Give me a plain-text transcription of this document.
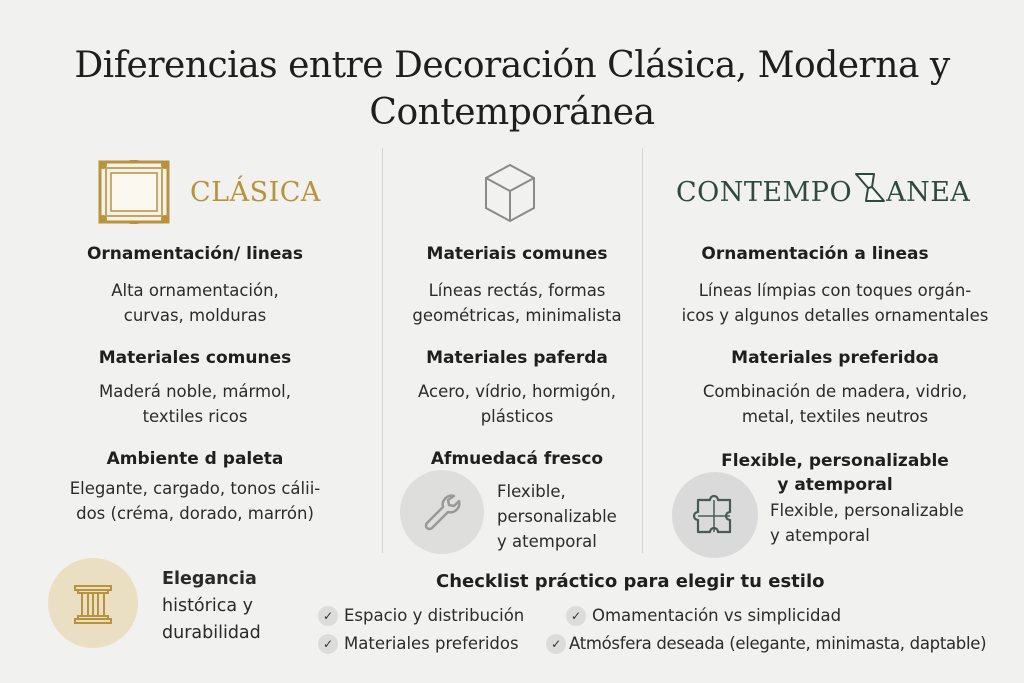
Diferencias entre Decoración Clásica, Moderna y
Contemporánea
CLÁSICA
Ornamentación/ lineas
Alta ornamentación,
curvas, molduras
Materiales comunes
Maderá noble, mármol,
textiles ricos
Ambiente d paleta
Elegante, cargado, tonos cálii-
dos (créma, dorado, marrón)
Materiais comunes
Líneas rectás, formas
geométricas, minimalista
Materiales paferda
Acero, vídrio, hormigón,
plásticos
Afmuedacá fresco
Flexible,
personalizable
y atemporal
CONTEMPO ANEA
Ornamentación a lineas
Líneas límpias con toques orgán-
icos y algunos detalles ornamentales
Materiales preferidoa
Combinación de madera, vidrio,
metal, textiles neutros
Flexible, personalizable
y atemporal
Flexible, personalizable
y atemporal
Elegancia
histórica y
durabilidad
Checklist práctico para elegir tu estilo
✓ Espacio y distribución	✓ Omamentación vs simplicidad
✓ Materiales preferidos	✓ Atmósfera deseada (elegante, minimasta, daptable)
